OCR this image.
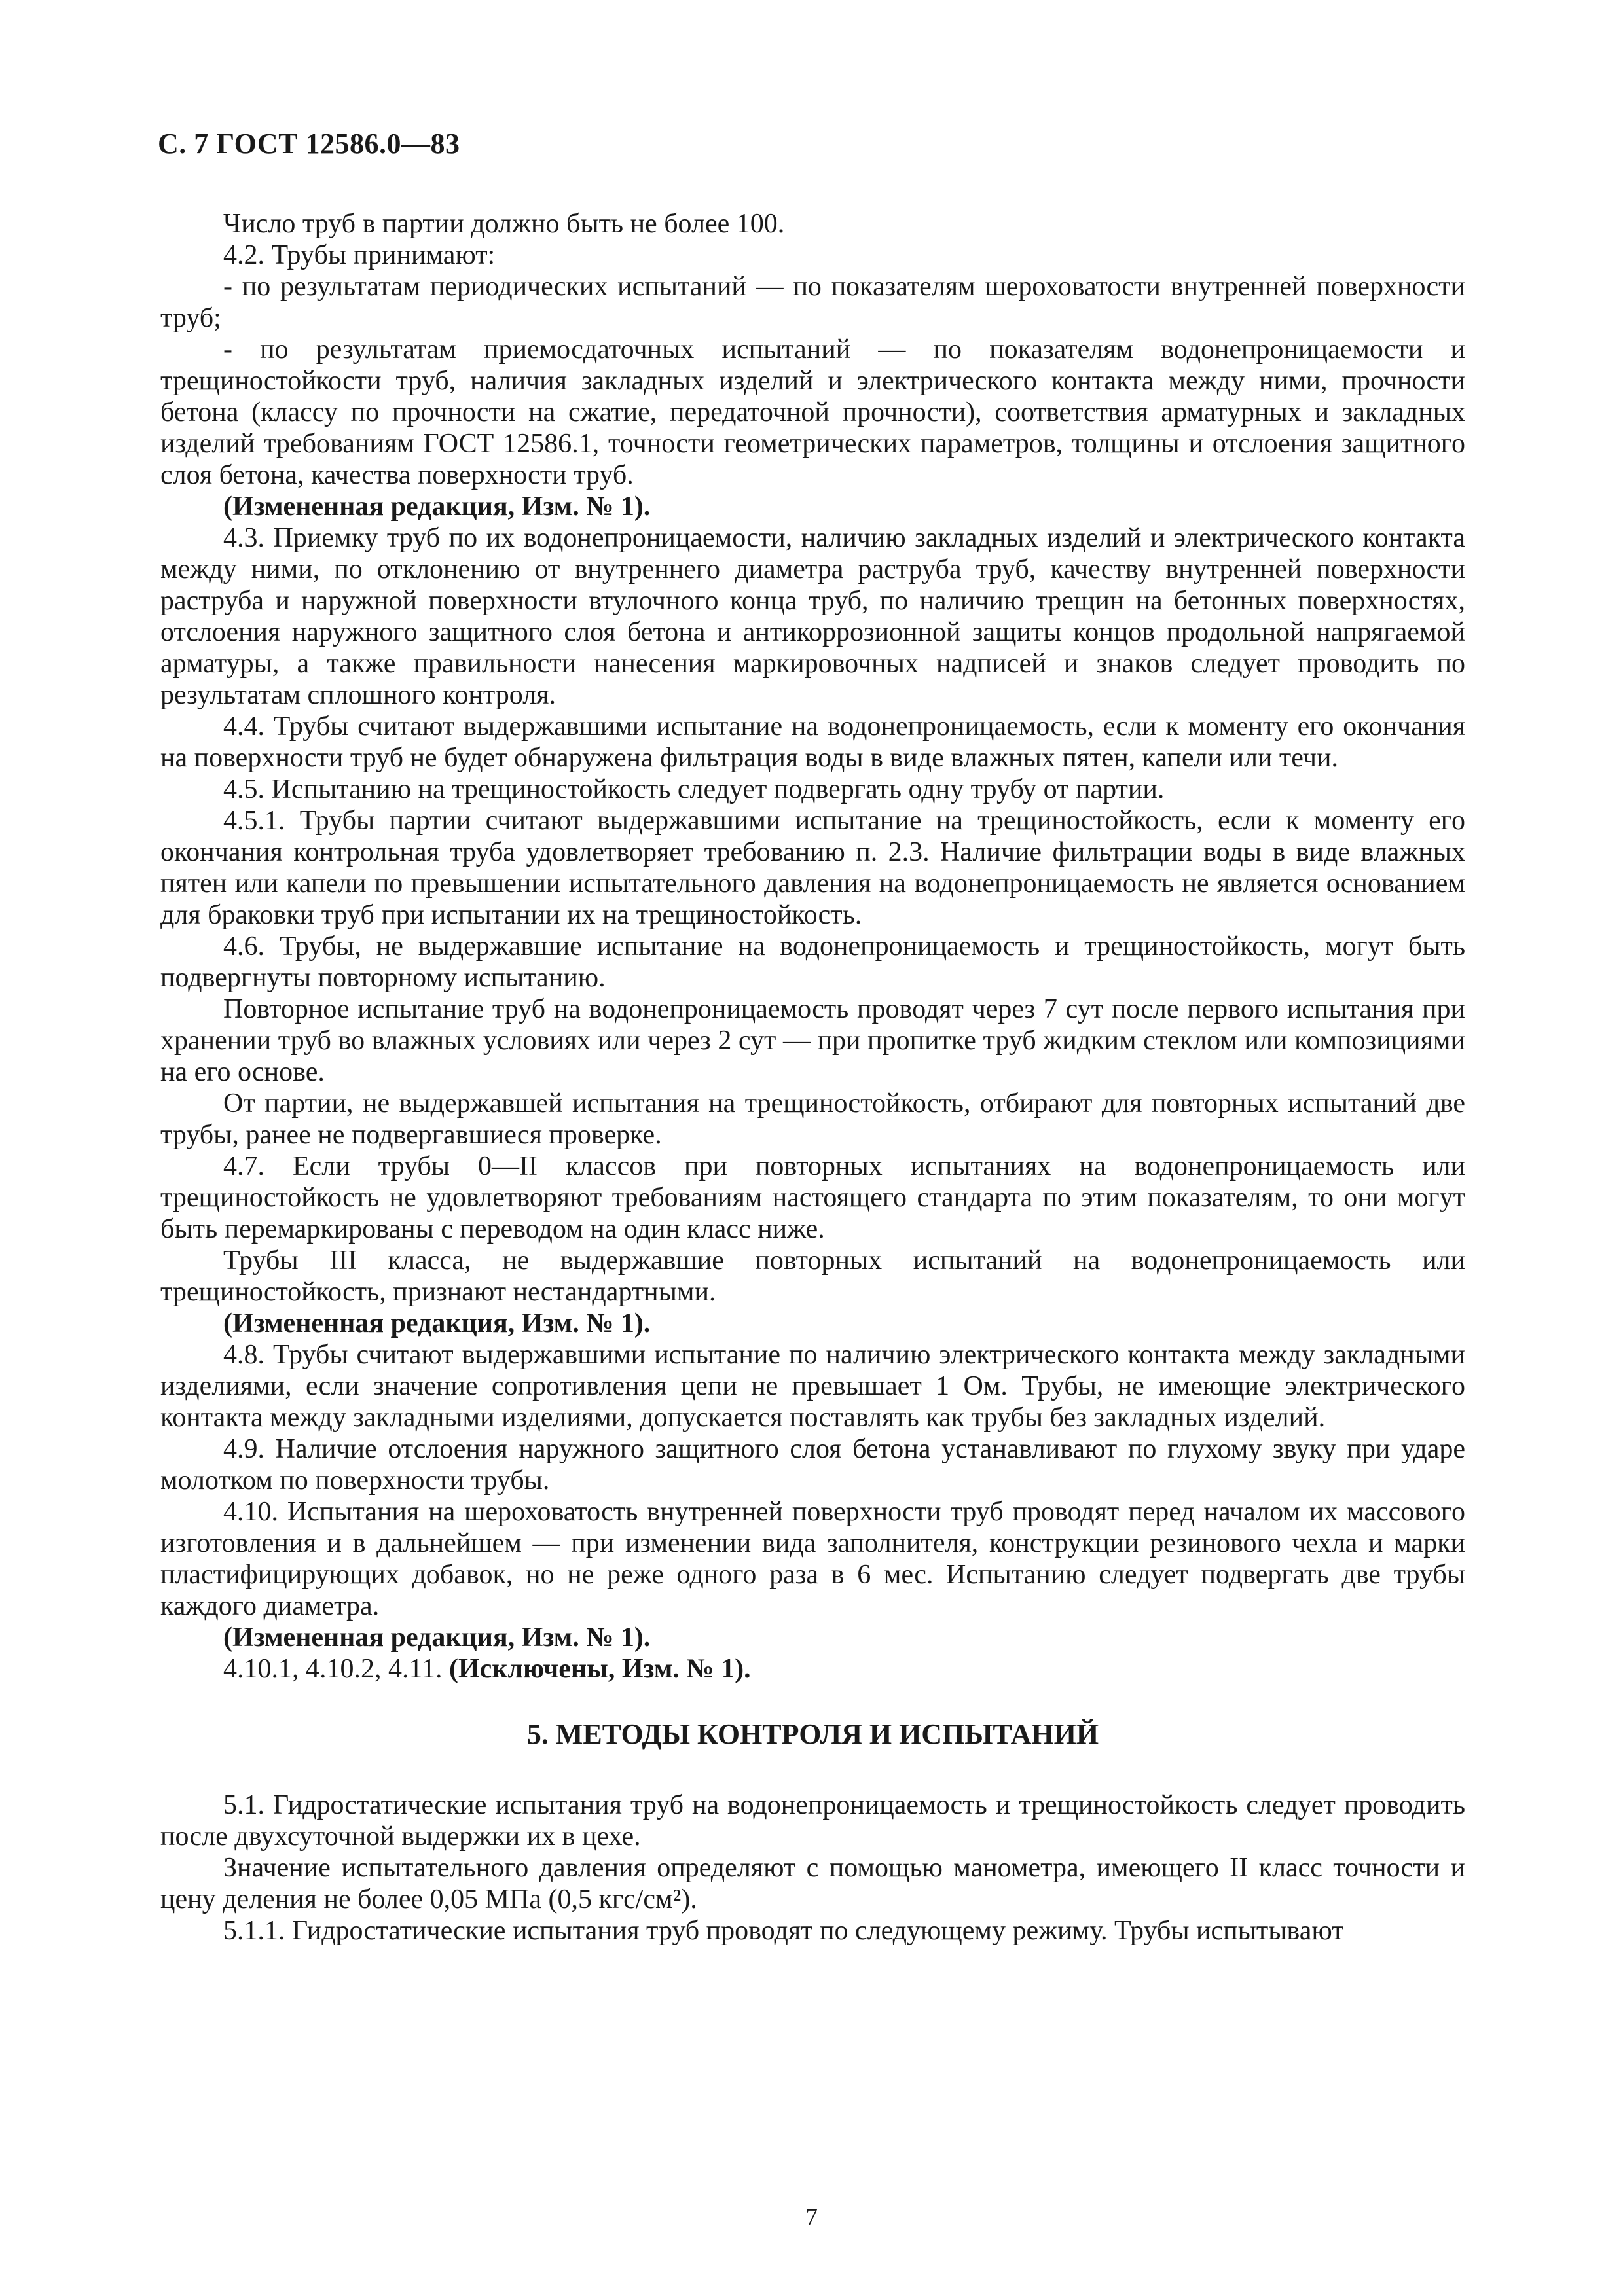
С. 7 ГОСТ 12586.0—83

Число труб в партии должно быть не более 100.

4.2. Трубы принимают:

- по результатам периодических испытаний — по показателям шероховатости внутренней поверхности труб;

- по результатам приемосдаточных испытаний — по показателям водонепроницаемости и трещиностойкости труб, наличия закладных изделий и электрического контакта между ними, прочности бетона (классу по прочности на сжатие, передаточной прочности), соответствия арматурных и закладных изделий требованиям ГОСТ 12586.1, точности геометрических параметров, толщины и отслоения защитного слоя бетона, качества поверхности труб.

(Измененная редакция, Изм. № 1).

4.3. Приемку труб по их водонепроницаемости, наличию закладных изделий и электрического контакта между ними, по отклонению от внутреннего диаметра раструба труб, качеству внутренней поверхности раструба и наружной поверхности втулочного конца труб, по наличию трещин на бетонных поверхностях, отслоения наружного защитного слоя бетона и антикоррозионной защиты концов продольной напрягаемой арматуры, а также правильности нанесения маркировочных надписей и знаков следует проводить по результатам сплошного контроля.

4.4. Трубы считают выдержавшими испытание на водонепроницаемость, если к моменту его окончания на поверхности труб не будет обнаружена фильтрация воды в виде влажных пятен, капели или течи.

4.5. Испытанию на трещиностойкость следует подвергать одну трубу от партии.

4.5.1. Трубы партии считают выдержавшими испытание на трещиностойкость, если к моменту его окончания контрольная труба удовлетворяет требованию п. 2.3. Наличие фильтрации воды в виде влажных пятен или капели по превышении испытательного давления на водонепроницаемость не является основанием для браковки труб при испытании их на трещиностойкость.

4.6. Трубы, не выдержавшие испытание на водонепроницаемость и трещиностойкость, могут быть подвергнуты повторному испытанию.

Повторное испытание труб на водонепроницаемость проводят через 7 сут после первого испытания при хранении труб во влажных условиях или через 2 сут — при пропитке труб жидким стеклом или композициями на его основе.

От партии, не выдержавшей испытания на трещиностойкость, отбирают для повторных испытаний две трубы, ранее не подвергавшиеся проверке.

4.7. Если трубы 0—II классов при повторных испытаниях на водонепроницаемость или трещиностойкость не удовлетворяют требованиям настоящего стандарта по этим показателям, то они могут быть перемаркированы с переводом на один класс ниже.

Трубы III класса, не выдержавшие повторных испытаний на водонепроницаемость или трещиностойкость, признают нестандартными.

(Измененная редакция, Изм. № 1).

4.8. Трубы считают выдержавшими испытание по наличию электрического контакта между закладными изделиями, если значение сопротивления цепи не превышает 1 Ом. Трубы, не имеющие электрического контакта между закладными изделиями, допускается поставлять как трубы без закладных изделий.

4.9. Наличие отслоения наружного защитного слоя бетона устанавливают по глухому звуку при ударе молотком по поверхности трубы.

4.10. Испытания на шероховатость внутренней поверхности труб проводят перед началом их массового изготовления и в дальнейшем — при изменении вида заполнителя, конструкции резинового чехла и марки пластифицирующих добавок, но не реже одного раза в 6 мес. Испытанию следует подвергать две трубы каждого диаметра.

(Измененная редакция, Изм. № 1).

4.10.1, 4.10.2, 4.11. (Исключены, Изм. № 1).

5. МЕТОДЫ КОНТРОЛЯ И ИСПЫТАНИЙ

5.1. Гидростатические испытания труб на водонепроницаемость и трещиностойкость следует проводить после двухсуточной выдержки их в цехе.

Значение испытательного давления определяют с помощью манометра, имеющего II класс точности и цену деления не более 0,05 МПа (0,5 кгс/см²).

5.1.1. Гидростатические испытания труб проводят по следующему режиму. Трубы испытывают

7
